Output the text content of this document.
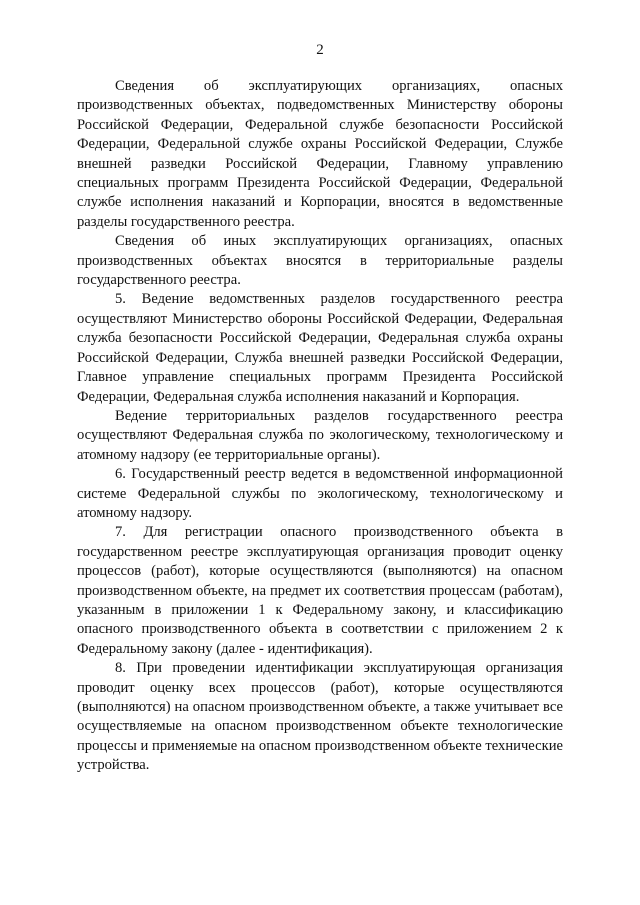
2

Сведения об эксплуатирующих организациях, опасных производственных объектах, подведомственных Министерству обороны Российской Федерации, Федеральной службе безопасности Российской Федерации, Федеральной службе охраны Российской Федерации, Службе внешней разведки Российской Федерации, Главному управлению специальных программ Президента Российской Федерации, Федеральной службе исполнения наказаний и Корпорации, вносятся в ведомственные разделы государственного реестра.

Сведения об иных эксплуатирующих организациях, опасных производственных объектах вносятся в территориальные разделы государственного реестра.

5. Ведение ведомственных разделов государственного реестра осуществляют Министерство обороны Российской Федерации, Федеральная служба безопасности Российской Федерации, Федеральная служба охраны Российской Федерации, Служба внешней разведки Российской Федерации, Главное управление специальных программ Президента Российской Федерации, Федеральная служба исполнения наказаний и Корпорация.

Ведение территориальных разделов государственного реестра осуществляют Федеральная служба по экологическому, технологическому и атомному надзору (ее территориальные органы).

6. Государственный реестр ведется в ведомственной информационной системе Федеральной службы по экологическому, технологическому и атомному надзору.

7. Для регистрации опасного производственного объекта в государственном реестре эксплуатирующая организация проводит оценку процессов (работ), которые осуществляются (выполняются) на опасном производственном объекте, на предмет их соответствия процессам (работам), указанным в приложении 1 к Федеральному закону, и классификацию опасного производственного объекта в соответствии с приложением 2 к Федеральному закону (далее - идентификация).

8. При проведении идентификации эксплуатирующая организация проводит оценку всех процессов (работ), которые осуществляются (выполняются) на опасном производственном объекте, а также учитывает все осуществляемые на опасном производственном объекте технологические процессы и применяемые на опасном производственном объекте технические устройства.
